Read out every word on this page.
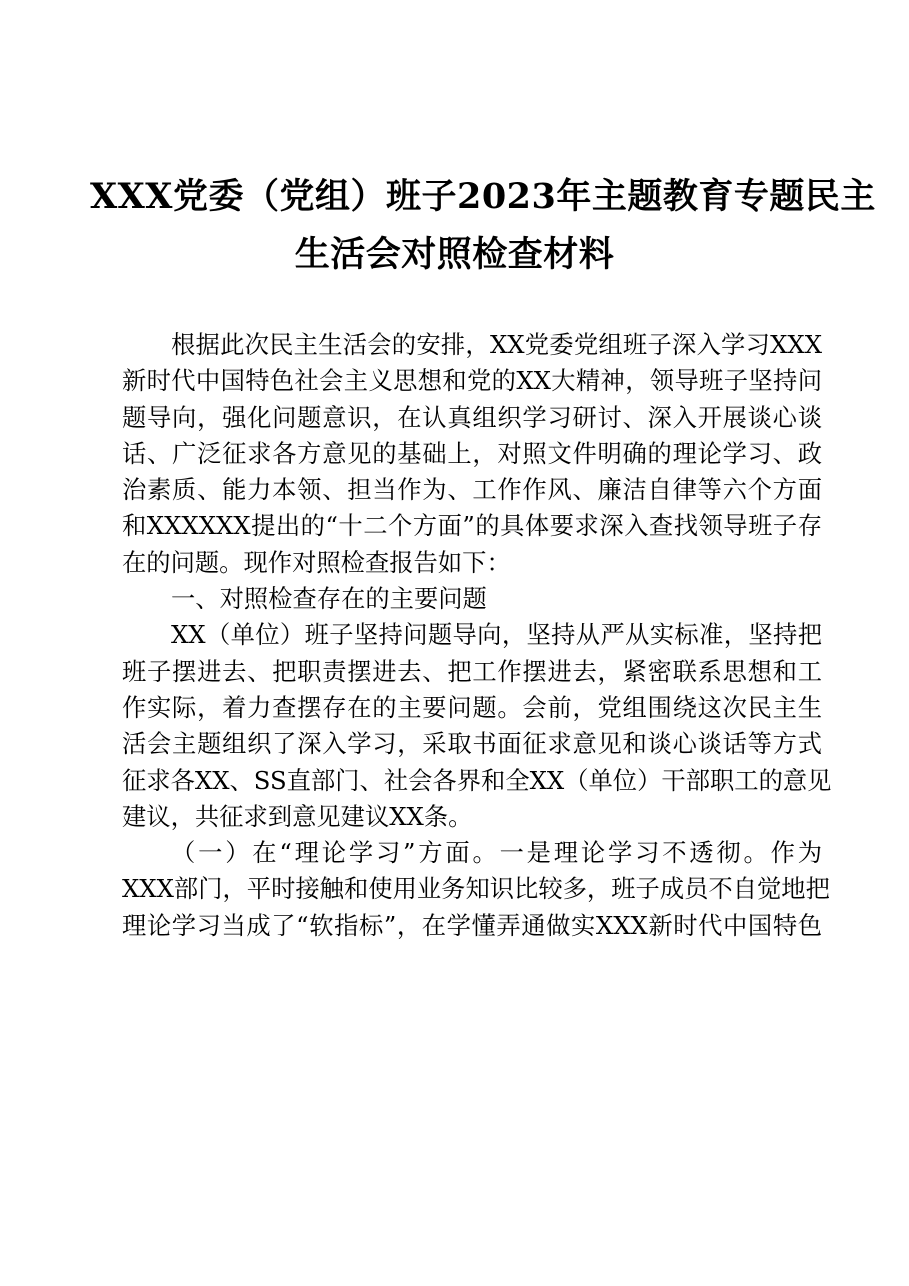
XXX党委（党组）班子2023年主题教育专题民主
生活会对照检查材料

根据此次民主生活会的安排，XX党委党组班子深入学习XXX
新时代中国特色社会主义思想和党的XX大精神，领导班子坚持问
题导向，强化问题意识，在认真组织学习研讨、深入开展谈心谈
话、广泛征求各方意见的基础上，对照文件明确的理论学习、政
治素质、能力本领、担当作为、工作作风、廉洁自律等六个方面
和XXXXXX提出的“十二个方面”的具体要求深入查找领导班子存
在的问题。现作对照检查报告如下：

一、对照检查存在的主要问题

XX（单位）班子坚持问题导向，坚持从严从实标准，坚持把
班子摆进去、把职责摆进去、把工作摆进去，紧密联系思想和工
作实际，着力查摆存在的主要问题。会前，党组围绕这次民主生
活会主题组织了深入学习，采取书面征求意见和谈心谈话等方式
征求各XX、SS直部门、社会各界和全XX（单位）干部职工的意见
建议，共征求到意见建议XX条。

（一）在“理论学习”方面。一是理论学习不透彻。作为
XXX部门，平时接触和使用业务知识比较多，班子成员不自觉地把
理论学习当成了“软指标”，在学懂弄通做实XXX新时代中国特色
